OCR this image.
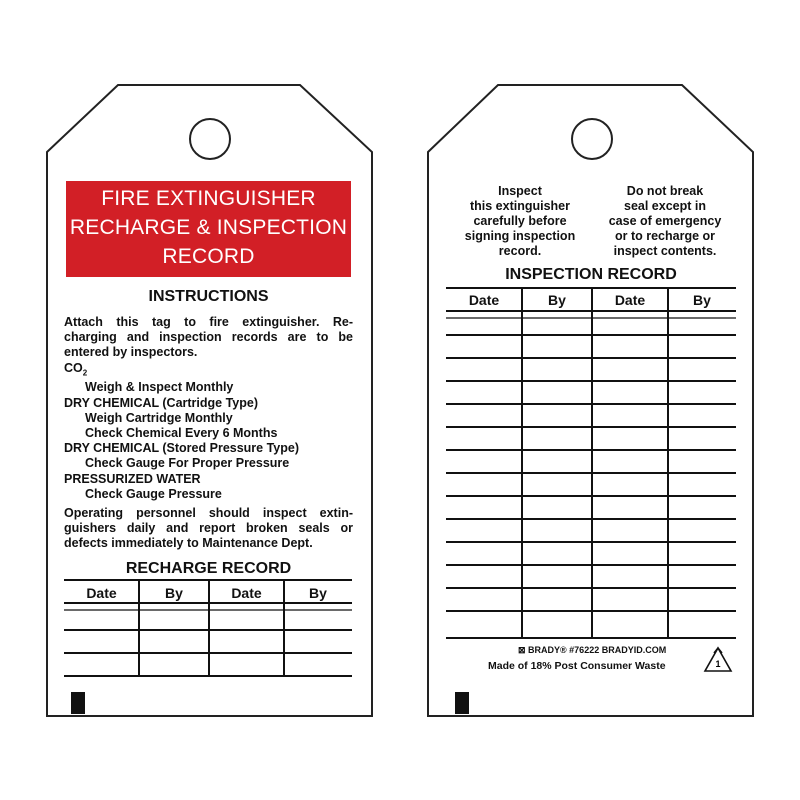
FIRE EXTINGUISHER
RECHARGE & INSPECTION
RECORD
INSTRUCTIONS
Attach this tag to fire extinguisher. Re-
charging and inspection records are to be
entered by inspectors.
$CO_2$
Weigh & Inspect Monthly
DRY CHEMICAL (Cartridge Type)
Weigh Cartridge Monthly
Check Chemical Every 6 Months
DRY CHEMICAL (Stored Pressure Type)
Check Gauge For Proper Pressure
PRESSURIZED WATER
Check Gauge Pressure
Operating personnel should inspect extin-
guishers daily and report broken seals or
defects immediately to Maintenance Dept.
RECHARGE RECORD
Date	By	Date	By
Inspect
this extinguisher
carefully before
signing inspection
record.
Do not break
seal except in
case of emergency
or to recharge or
inspect contents.
INSPECTION RECORD
Date	By	Date	By
⊠ BRADY® #76222 BRADYID.COM
Made of 18% Post Consumer Waste	1
